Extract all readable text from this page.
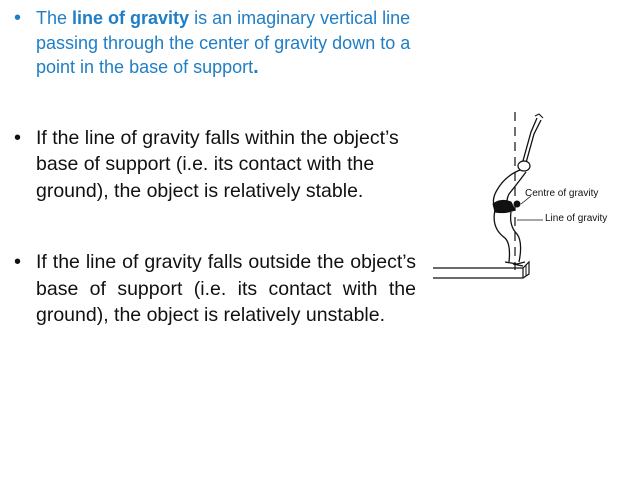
• The line of gravity is an imaginary vertical line passing through the center of gravity down to a point in the base of support.
• If the line of gravity falls within the object’s base of support (i.e. its contact with the ground), the object is relatively stable.
• If the line of gravity falls outside the object’s base of support (i.e. its contact with the ground), the object is relatively unstable.
Centre of gravity
Line of gravity
